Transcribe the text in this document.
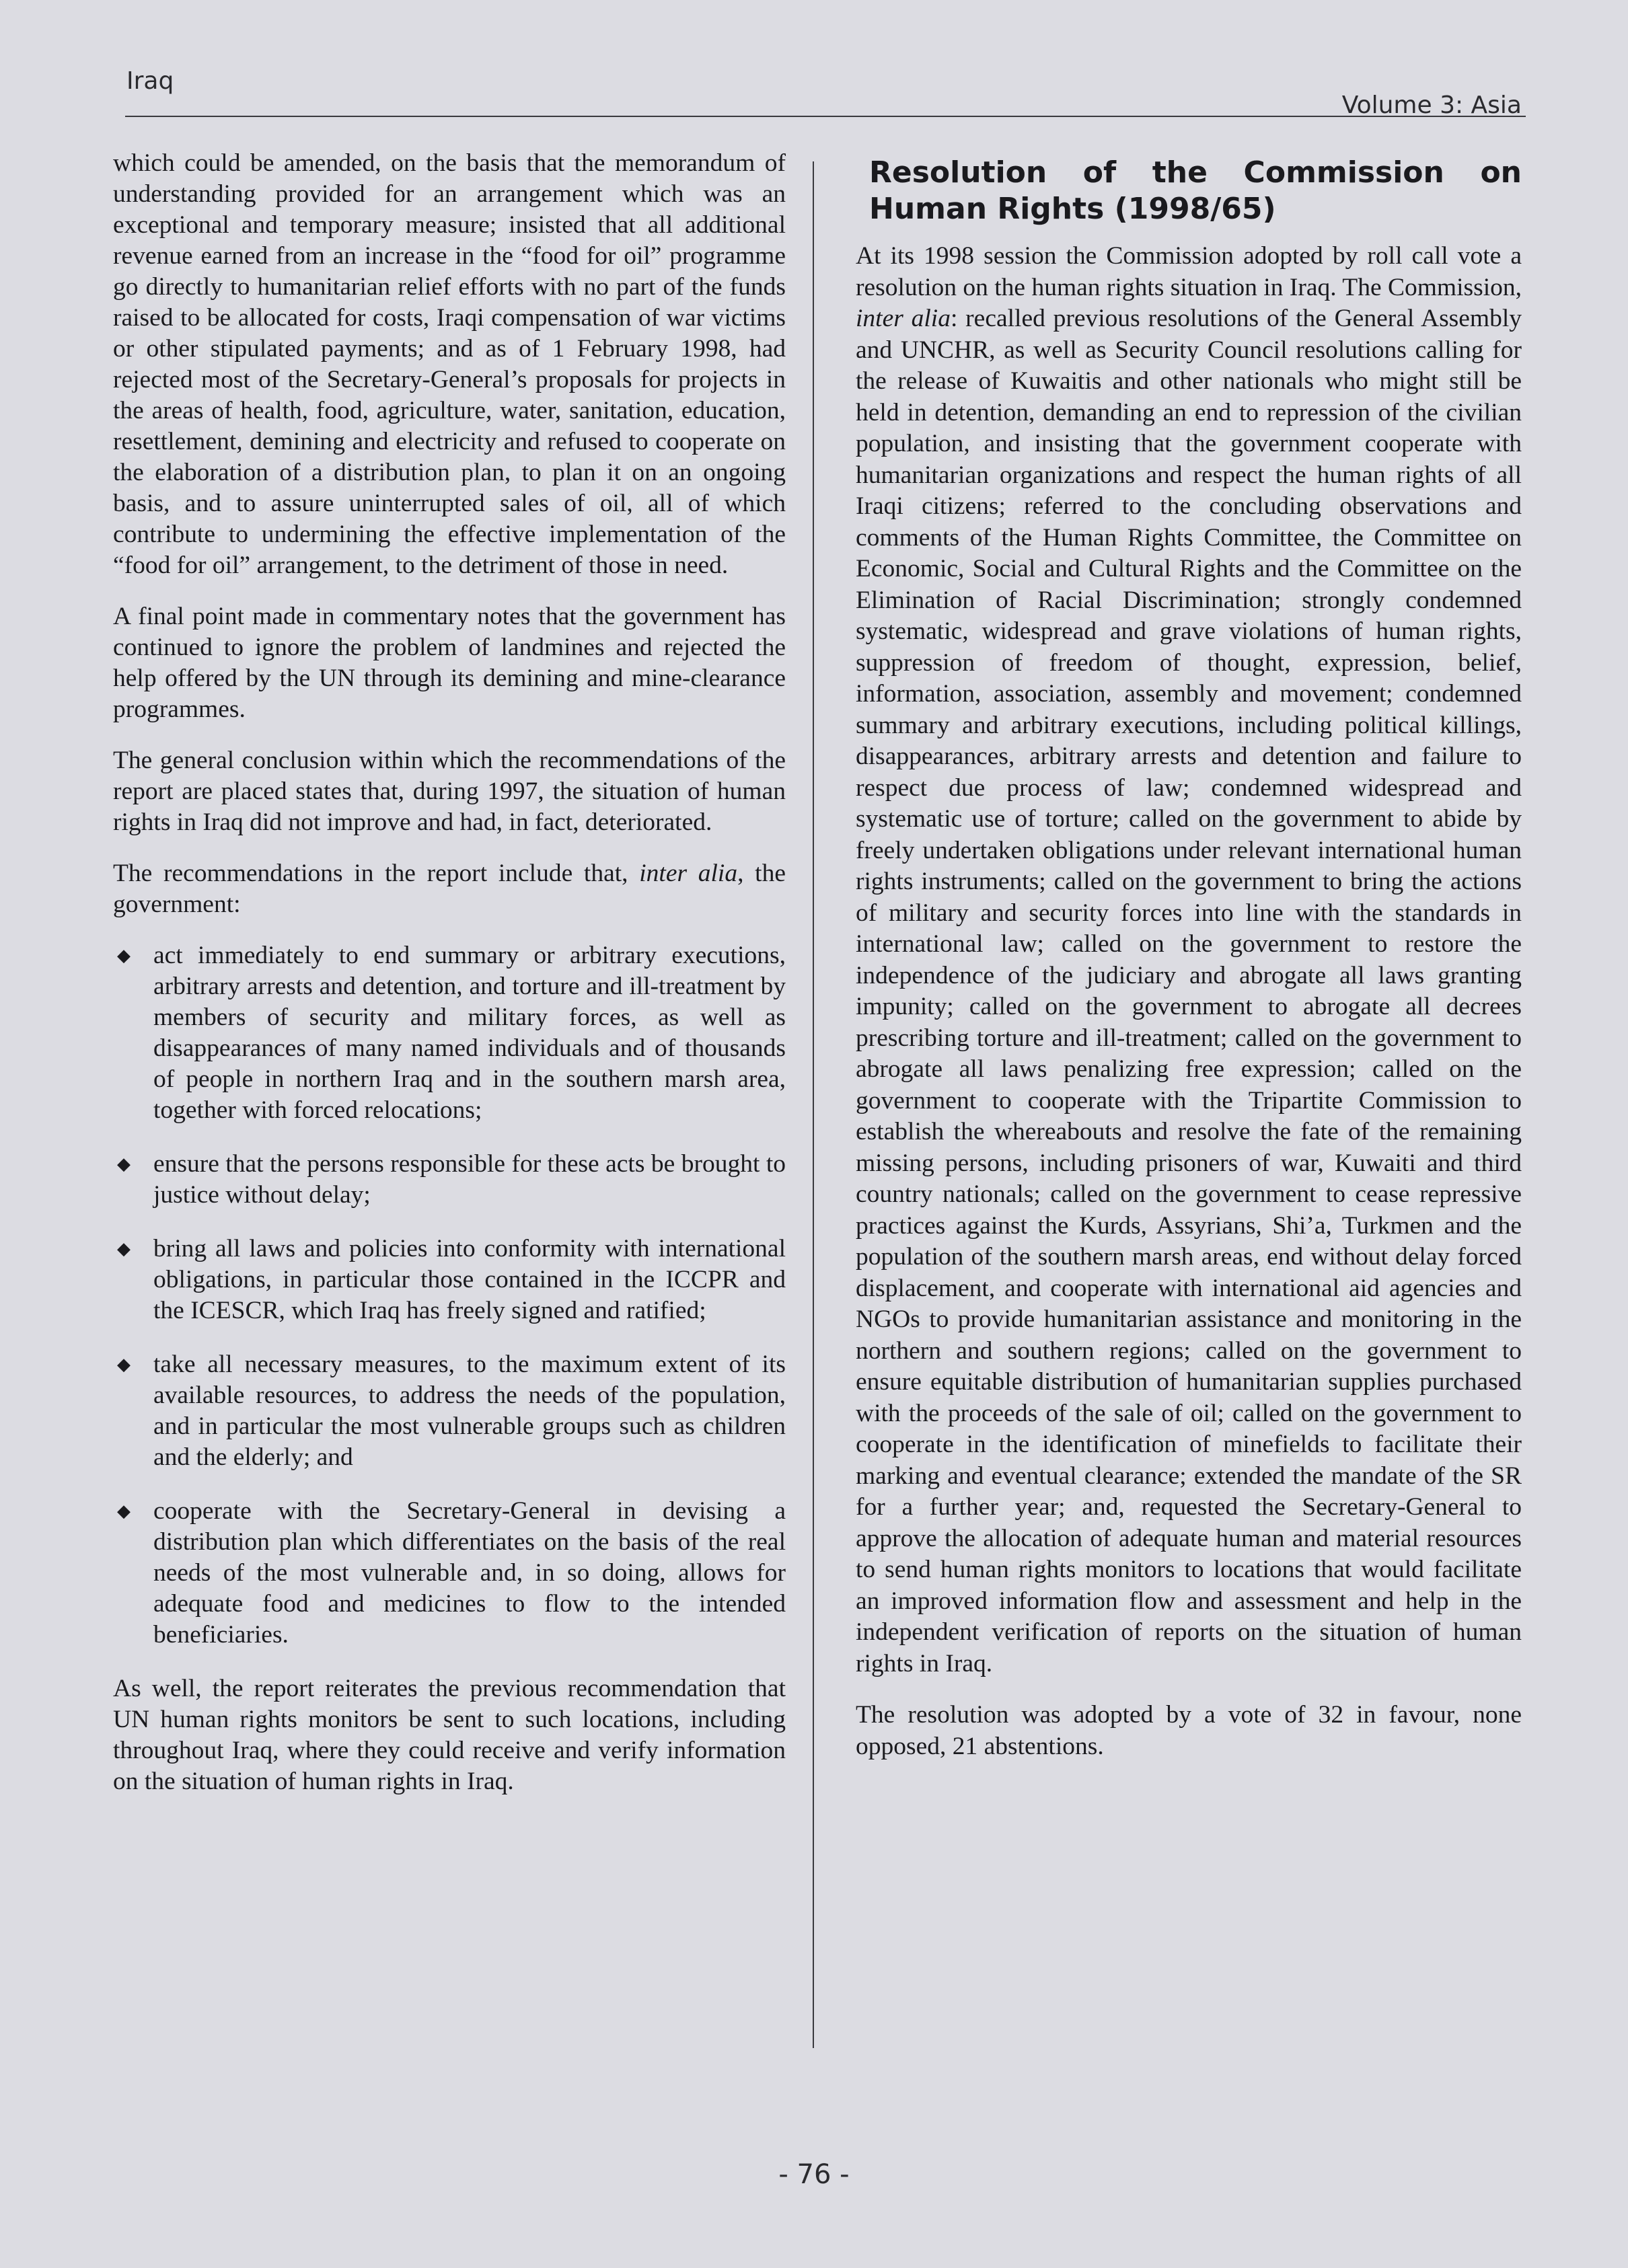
Iraq
Volume 3: Asia

which could be amended, on the basis that the memorandum of understanding provided for an arrangement which was an exceptional and temporary measure; insisted that all additional revenue earned from an increase in the “food for oil” programme go directly to humanitarian relief efforts with no part of the funds raised to be allocated for costs, Iraqi compensation of war victims or other stipulated payments; and as of 1 February 1998, had rejected most of the Secretary-General’s proposals for projects in the areas of health, food, agriculture, water, sanitation, education, resettlement, demining and electricity and refused to cooperate on the elaboration of a distribution plan, to plan it on an ongoing basis, and to assure uninterrupted sales of oil, all of which contribute to undermining the effective implementation of the “food for oil” arrangement, to the detriment of those in need.

A final point made in commentary notes that the government has continued to ignore the problem of landmines and rejected the help offered by the UN through its demining and mine-clearance programmes.

The general conclusion within which the recommendations of the report are placed states that, during 1997, the situation of human rights in Iraq did not improve and had, in fact, deteriorated.

The recommendations in the report include that, inter alia, the government:

◆ act immediately to end summary or arbitrary executions, arbitrary arrests and detention, and torture and ill-treatment by members of security and military forces, as well as disappearances of many named individuals and of thousands of people in northern Iraq and in the southern marsh area, together with forced relocations;
◆ ensure that the persons responsible for these acts be brought to justice without delay;
◆ bring all laws and policies into conformity with international obligations, in particular those contained in the ICCPR and the ICESCR, which Iraq has freely signed and ratified;
◆ take all necessary measures, to the maximum extent of its available resources, to address the needs of the population, and in particular the most vulnerable groups such as children and the elderly; and
◆ cooperate with the Secretary-General in devising a distribution plan which differentiates on the basis of the real needs of the most vulnerable and, in so doing, allows for adequate food and medicines to flow to the intended beneficiaries.

As well, the report reiterates the previous recommendation that UN human rights monitors be sent to such locations, including throughout Iraq, where they could receive and verify information on the situation of human rights in Iraq.

Resolution of the Commission on Human Rights (1998/65)

At its 1998 session the Commission adopted by roll call vote a resolution on the human rights situation in Iraq. The Commission, inter alia: recalled previous resolutions of the General Assembly and UNCHR, as well as Security Council resolutions calling for the release of Kuwaitis and other nationals who might still be held in detention, demanding an end to repression of the civilian population, and insisting that the government cooperate with humanitarian organizations and respect the human rights of all Iraqi citizens; referred to the concluding observations and comments of the Human Rights Committee, the Committee on Economic, Social and Cultural Rights and the Committee on the Elimination of Racial Discrimination; strongly condemned systematic, widespread and grave violations of human rights, suppression of freedom of thought, expression, belief, information, association, assembly and movement; condemned summary and arbitrary executions, including political killings, disappearances, arbitrary arrests and detention and failure to respect due process of law; condemned widespread and systematic use of torture; called on the government to abide by freely undertaken obligations under relevant international human rights instruments; called on the government to bring the actions of military and security forces into line with the standards in international law; called on the government to restore the independence of the judiciary and abrogate all laws granting impunity; called on the government to abrogate all decrees prescribing torture and ill-treatment; called on the government to abrogate all laws penalizing free expression; called on the government to cooperate with the Tripartite Commission to establish the whereabouts and resolve the fate of the remaining missing persons, including prisoners of war, Kuwaiti and third country nationals; called on the government to cease repressive practices against the Kurds, Assyrians, Shi’a, Turkmen and the population of the southern marsh areas, end without delay forced displacement, and cooperate with international aid agencies and NGOs to provide humanitarian assistance and monitoring in the northern and southern regions; called on the government to ensure equitable distribution of humanitarian supplies purchased with the proceeds of the sale of oil; called on the government to cooperate in the identification of minefields to facilitate their marking and eventual clearance; extended the mandate of the SR for a further year; and, requested the Secretary-General to approve the allocation of adequate human and material resources to send human rights monitors to locations that would facilitate an improved information flow and assessment and help in the independent verification of reports on the situation of human rights in Iraq.

The resolution was adopted by a vote of 32 in favour, none opposed, 21 abstentions.

- 76 -
